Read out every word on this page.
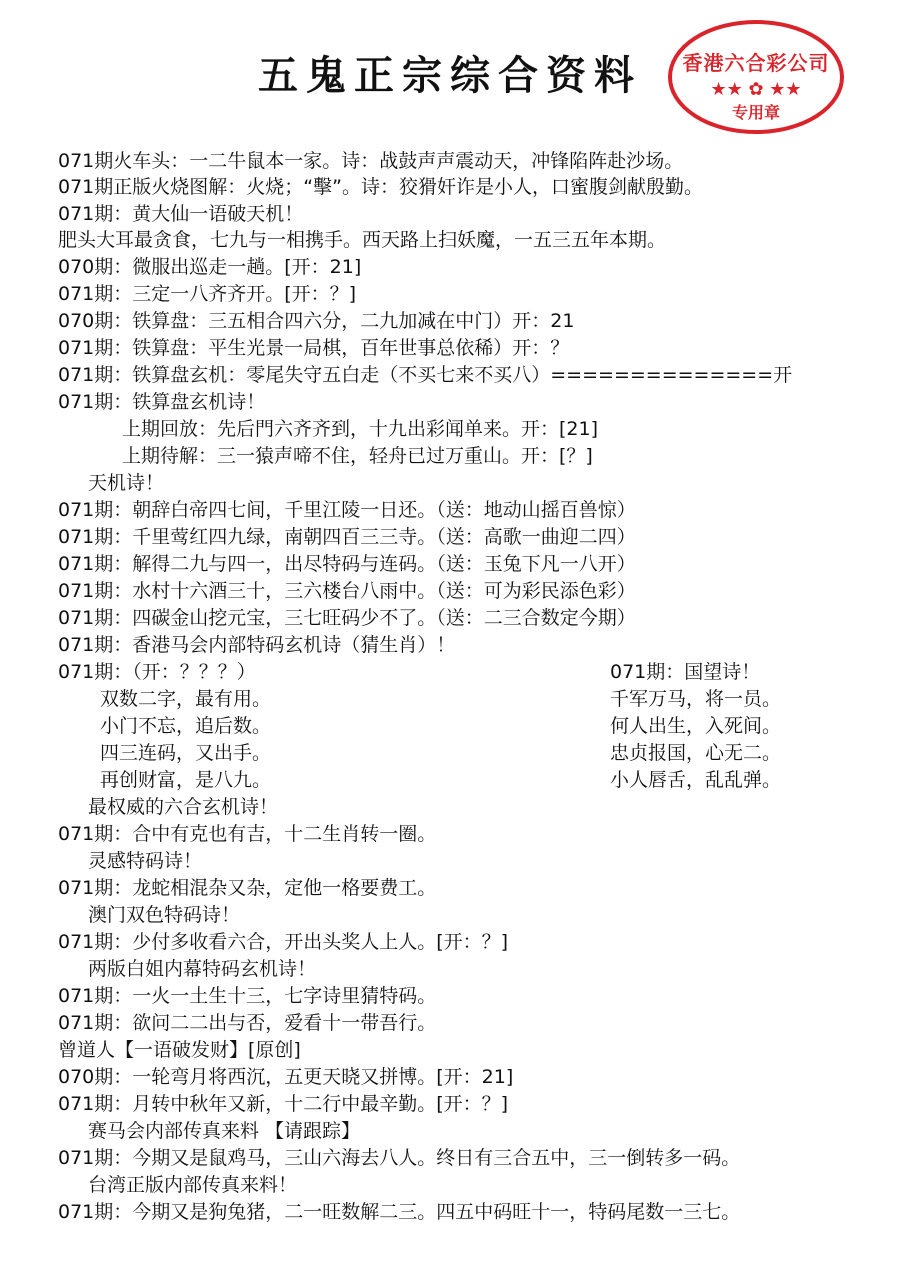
五鬼正宗综合资料	香港六合彩公司
★★ ✿ ★★
专用章
071期火车头：一二牛鼠本一家。诗：战鼓声声震动天，冲锋陷阵赴沙场。
071期正版火烧图解：火烧；“擊”。诗：狡猾奸诈是小人，口蜜腹剑献殷勤。
071期：黄大仙一语破天机！
肥头大耳最贪食，七九与一相携手。西天路上扫妖魔，一五三五年本期。
070期：微服出巡走一趟。[开：21]
071期：三定一八齐齐开。[开：？]
070期：铁算盘：三五相合四六分，二九加减在中门）开：21
071期：铁算盘：平生光景一局棋，百年世事总依稀）开：？
071期：铁算盘玄机：零尾失守五白走（不买七来不买八）==============开
071期：铁算盘玄机诗！
上期回放：先后門六齐齐到，十九出彩闻单来。开：[21]
上期待解：三一猿声啼不住，轻舟已过万重山。开：[？]
天机诗！
071期：朝辞白帝四七间，千里江陵一日还。（送：地动山摇百兽惊）
071期：千里莺红四九绿，南朝四百三三寺。（送：高歌一曲迎二四）
071期：解得二九与四一，出尽特码与连码。（送：玉兔下凡一八开）
071期：水村十六酒三十，三六楼台八雨中。（送：可为彩民添色彩）
071期：四碳金山挖元宝，三七旺码少不了。（送：二三合数定今期）
071期：香港马会内部特码玄机诗（猜生肖）！
071期：（开：？？？）
双数二字，最有用。
小门不忘，追后数。
四三连码，又出手。
再创财富，是八九。
最权威的六合玄机诗！
071期：合中有克也有吉，十二生肖转一圈。
灵感特码诗！
071期：龙蛇相混杂又杂，定他一格要费工。
澳门双色特码诗！
071期：少付多收看六合，开出头奖人上人。[开：？]
两版白姐内幕特码玄机诗！
071期：一火一土生十三，七字诗里猜特码。
071期：欲问二二出与否，爱看十一带吾行。
曾道人【一语破发财】[原创]
070期：一轮弯月将西沉，五更天晓又拼博。[开：21]
071期：月转中秋年又新，十二行中最辛勤。[开：？]
赛马会内部传真来料 【请跟踪】
071期：今期又是鼠鸡马，三山六海去八人。终日有三合五中，三一倒转多一码。
台湾正版内部传真来料！
071期：今期又是狗兔猪，二一旺数解二三。四五中码旺十一，特码尾数一三七。
071期：国望诗！
千军万马，将一员。
何人出生，入死间。
忠贞报国，心无二。
小人唇舌，乱乱弹。
